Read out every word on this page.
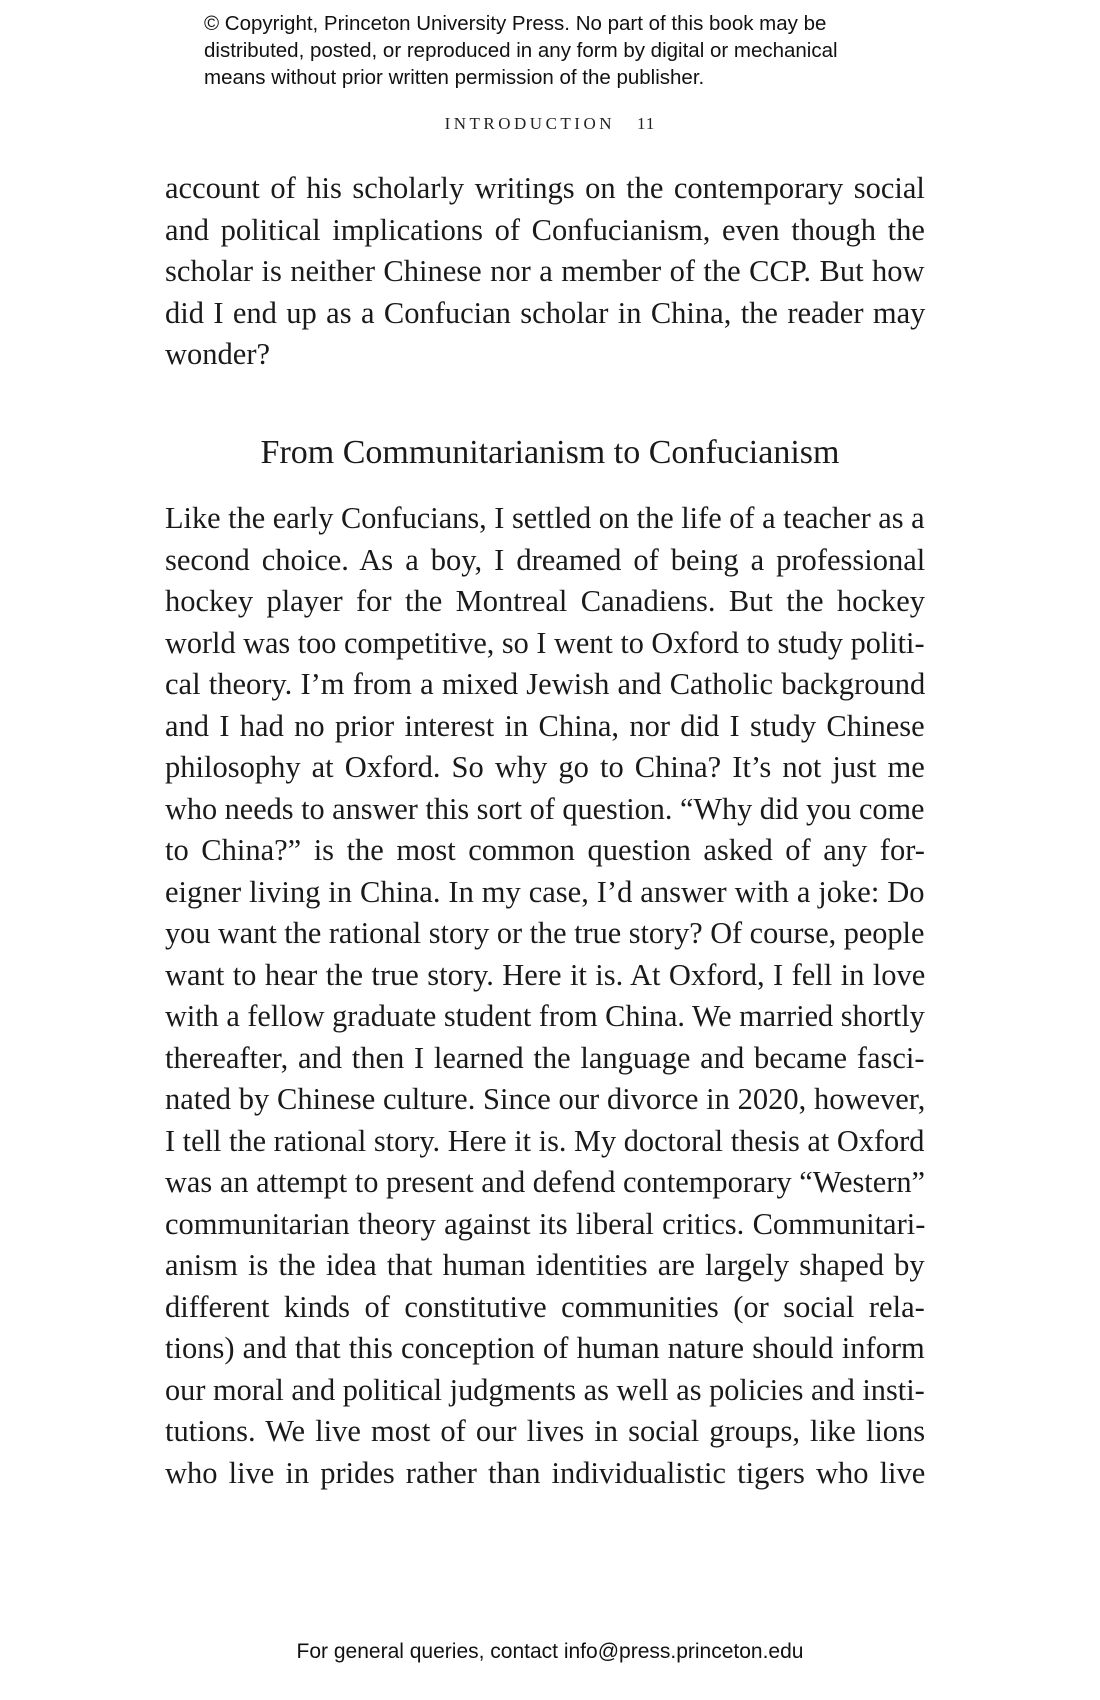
© Copyright, Princeton University Press. No part of this book may be
distributed, posted, or reproduced in any form by digital or mechanical
means without prior written permission of the publisher.
INTRODUCTION 11
account of his scholarly writings on the contemporary social
and political implications of Confucianism, even though the
scholar is neither Chinese nor a member of the CCP. But how
did I end up as a Confucian scholar in China, the reader may
wonder?
From Communitarianism to Confucianism
Like the early Confucians, I settled on the life of a teacher as a
second choice. As a boy, I dreamed of being a professional
hockey player for the Montreal Canadiens. But the hockey
world was too competitive, so I went to Oxford to study politi-
cal theory. I’m from a mixed Jewish and Catholic background
and I had no prior interest in China, nor did I study Chinese
philosophy at Oxford. So why go to China? It’s not just me
who needs to answer this sort of question. “Why did you come
to China?” is the most common question asked of any for-
eigner living in China. In my case, I’d answer with a joke: Do
you want the rational story or the true story? Of course, people
want to hear the true story. Here it is. At Oxford, I fell in love
with a fellow graduate student from China. We married shortly
thereafter, and then I learned the language and became fasci-
nated by Chinese culture. Since our divorce in 2020, however,
I tell the rational story. Here it is. My doctoral thesis at Oxford
was an attempt to present and defend contemporary “Western”
communitarian theory against its liberal critics. Communitari-
anism is the idea that human identities are largely shaped by
different kinds of constitutive communities (or social rela-
tions) and that this conception of human nature should inform
our moral and political judgments as well as policies and insti-
tutions. We live most of our lives in social groups, like lions
who live in prides rather than individualistic tigers who live
For general queries, contact info@press.princeton.edu
